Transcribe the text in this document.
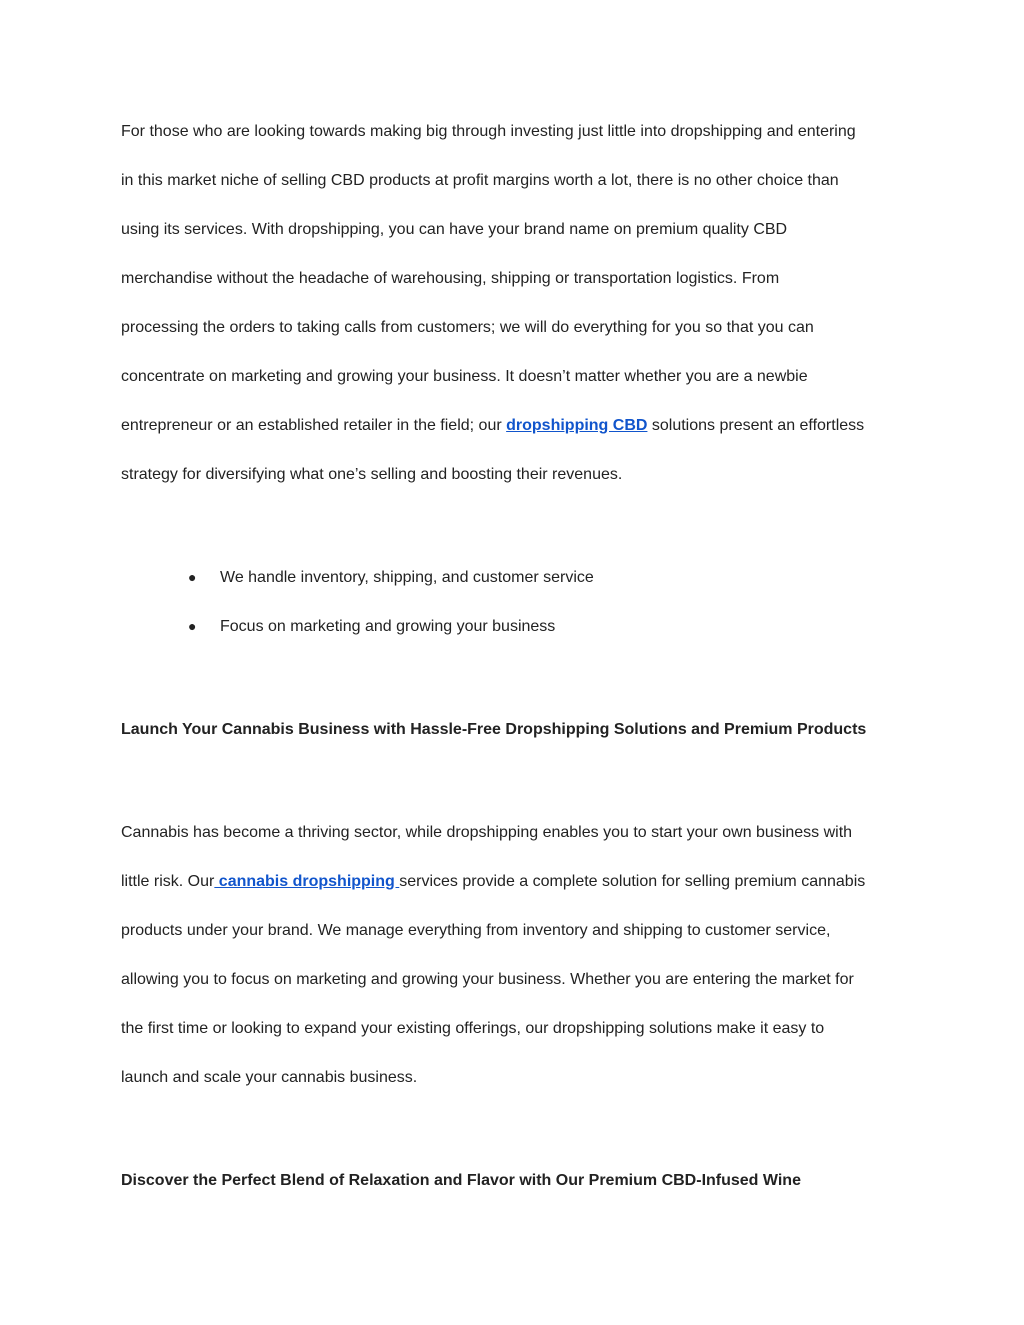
For those who are looking towards making big through investing just little into dropshipping and entering
in this market niche of selling CBD products at profit margins worth a lot, there is no other choice than
using its services. With dropshipping, you can have your brand name on premium quality CBD
merchandise without the headache of warehousing, shipping or transportation logistics. From
processing the orders to taking calls from customers; we will do everything for you so that you can
concentrate on marketing and growing your business. It doesn’t matter whether you are a newbie
entrepreneur or an established retailer in the field; our dropshipping CBD solutions present an effortless
strategy for diversifying what one’s selling and boosting their revenues.
● We handle inventory, shipping, and customer service
● Focus on marketing and growing your business
Launch Your Cannabis Business with Hassle-Free Dropshipping Solutions and Premium Products
Cannabis has become a thriving sector, while dropshipping enables you to start your own business with
little risk. Our cannabis dropshipping services provide a complete solution for selling premium cannabis
products under your brand. We manage everything from inventory and shipping to customer service,
allowing you to focus on marketing and growing your business. Whether you are entering the market for
the first time or looking to expand your existing offerings, our dropshipping solutions make it easy to
launch and scale your cannabis business.
Discover the Perfect Blend of Relaxation and Flavor with Our Premium CBD-Infused Wine
